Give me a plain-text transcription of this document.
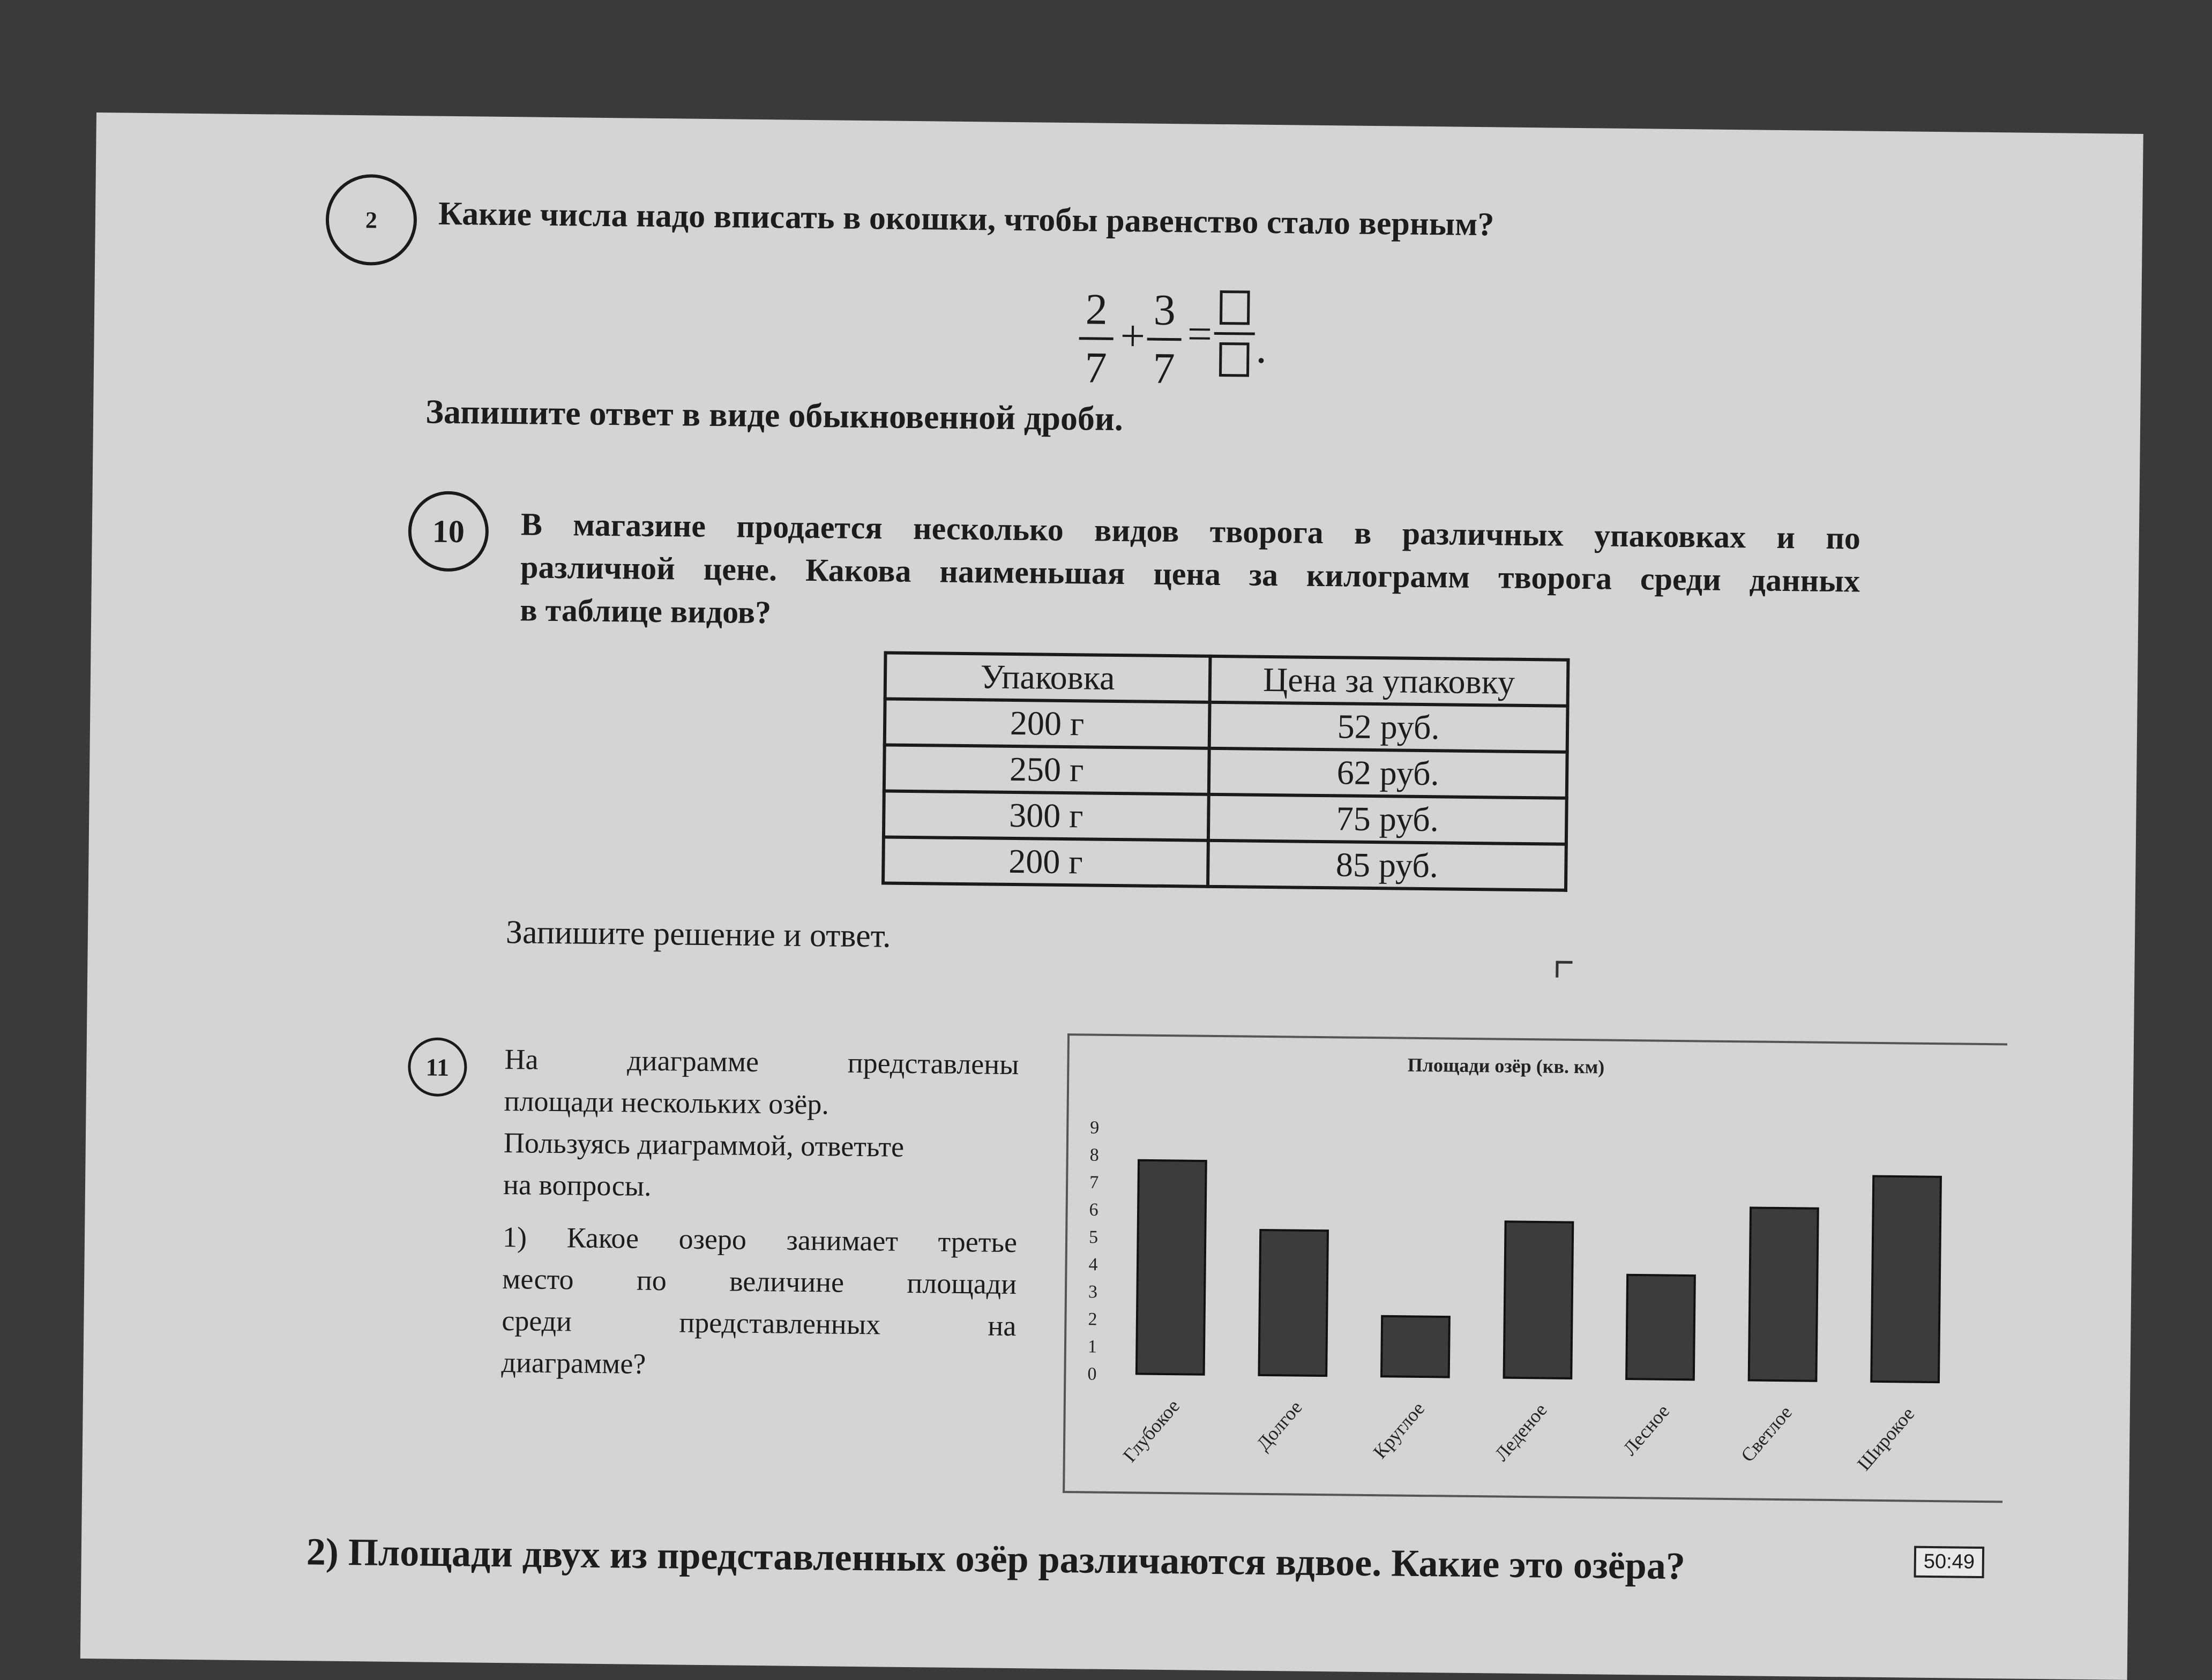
2 Какие числа надо вписать в окошки, чтобы равенство стало верным?
2
7
+
3
7
= .
Запишите ответ в виде обыкновенной дроби.
10 В магазине продается несколько видов творога в различных упаковках и по
различной цене. Какова наименьшая цена за килограмм творога среди данных
в таблице видов?
Упаковка	Цена за упаковку
200 г	52 руб.
250 г	62 руб.
300 г	75 руб.
200 г	85 руб.
Запишите решение и ответ.
11 На диаграмме представлены
площади нескольких озёр.
Пользуясь диаграммой, ответьте
на вопросы.
1) Какое озеро занимает третье
место по величине площади
среди представленных на
диаграмме?
Площади озёр (кв. км)
0
1
2
3
4
5
6
7
8
9
Глубокое	Долгое	Круглое	Леденое	Лесное	Светлое	Широкое
2) Площади двух из представленных озёр различаются вдвое. Какие это озёра?	50:49
